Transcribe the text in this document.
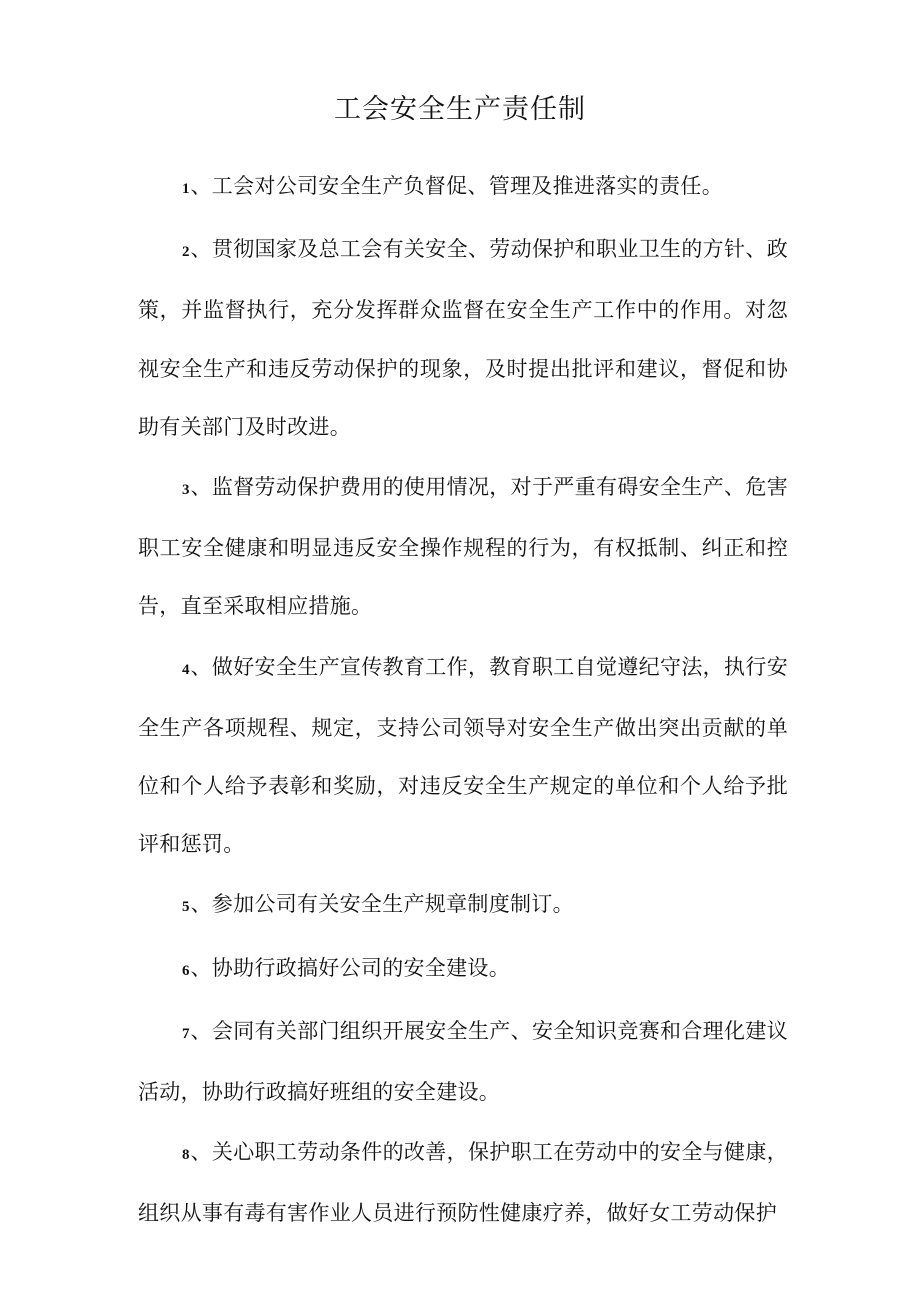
工会安全生产责任制

1、工会对公司安全生产负督促、管理及推进落实的责任。

2、贯彻国家及总工会有关安全、劳动保护和职业卫生的方针、政策，并监督执行，充分发挥群众监督在安全生产工作中的作用。对忽视安全生产和违反劳动保护的现象，及时提出批评和建议，督促和协助有关部门及时改进。

3、监督劳动保护费用的使用情况，对于严重有碍安全生产、危害职工安全健康和明显违反安全操作规程的行为，有权抵制、纠正和控告，直至采取相应措施。

4、做好安全生产宣传教育工作，教育职工自觉遵纪守法，执行安全生产各项规程、规定，支持公司领导对安全生产做出突出贡献的单位和个人给予表彰和奖励，对违反安全生产规定的单位和个人给予批评和惩罚。

5、参加公司有关安全生产规章制度制订。

6、协助行政搞好公司的安全建设。

7、会同有关部门组织开展安全生产、安全知识竞赛和合理化建议活动，协助行政搞好班组的安全建设。

8、关心职工劳动条件的改善，保护职工在劳动中的安全与健康，组织从事有毒有害作业人员进行预防性健康疗养，做好女工劳动保护
